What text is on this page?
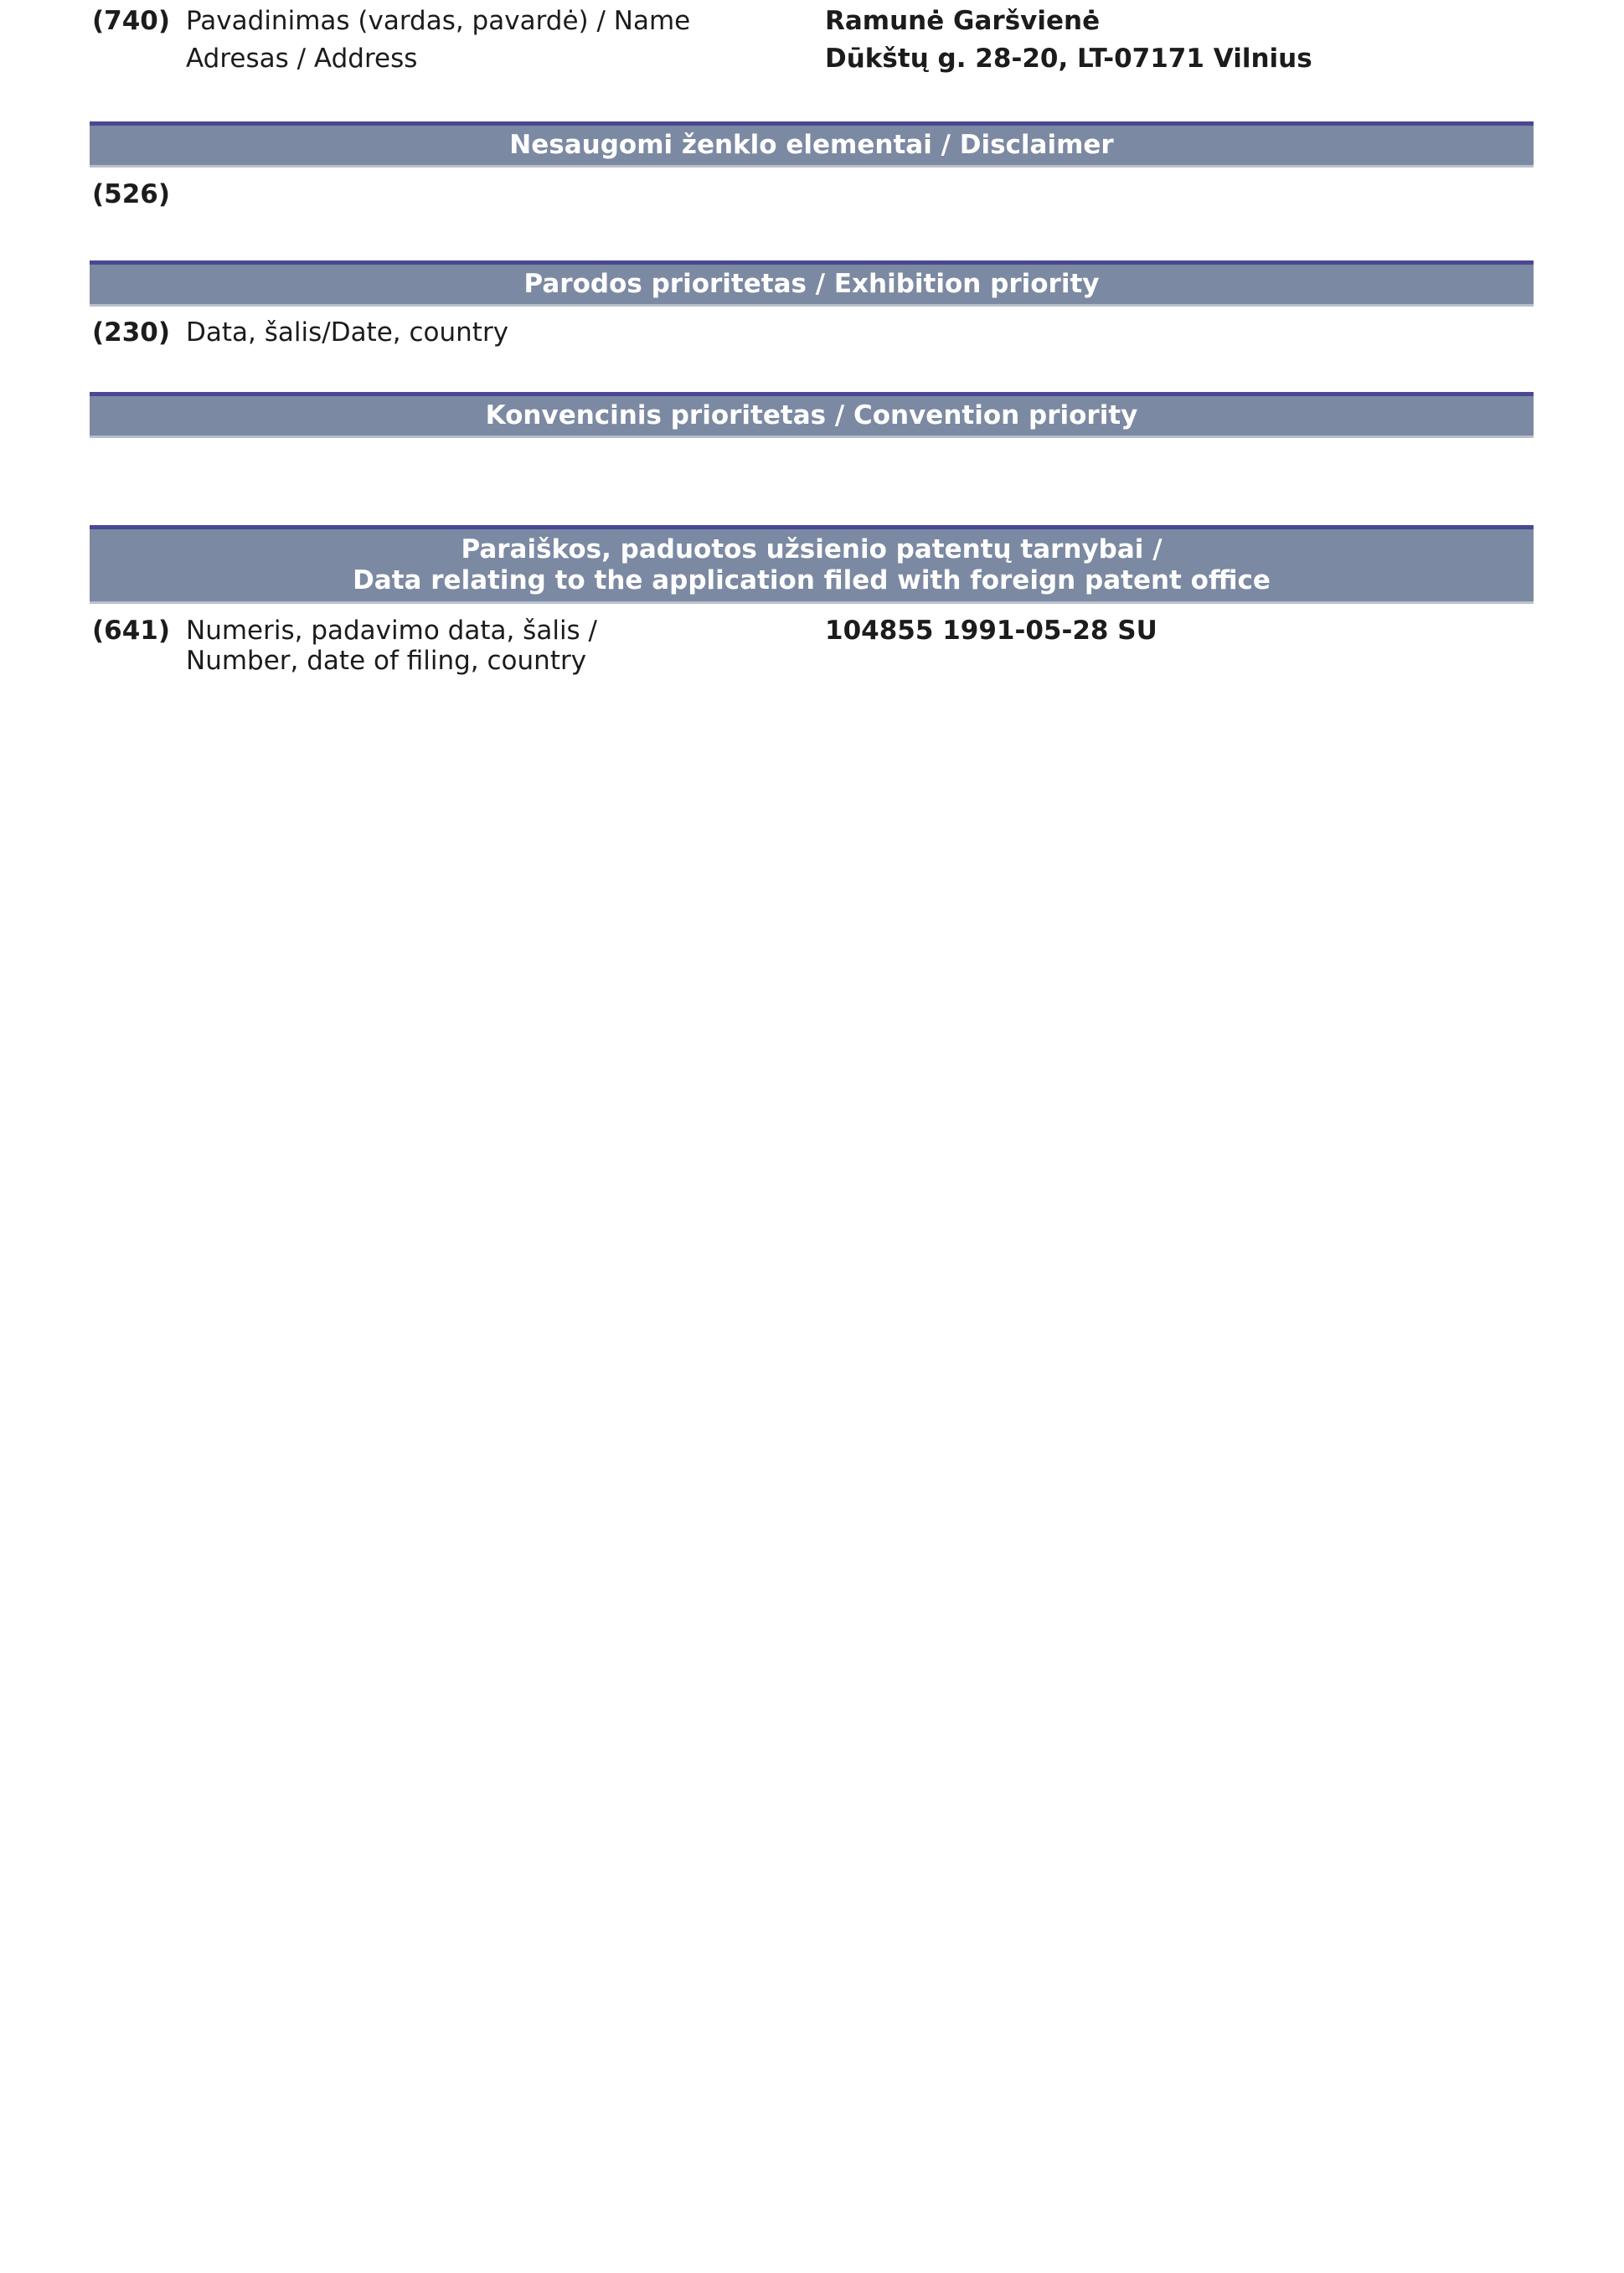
(740) Pavadinimas (vardas, pavardė) / Name	Ramunė Garšvienė
Adresas / Address	Dūkštų g. 28-20, LT-07171 Vilnius
Nesaugomi ženklo elementai / Disclaimer
(526)
Parodos prioritetas / Exhibition priority
(230) Data, šalis/Date, country
Konvencinis prioritetas / Convention priority
Paraiškos, paduotos užsienio patentų tarnybai /
Data relating to the application filed with foreign patent office
(641) Numeris, padavimo data, šalis /	104855 1991-05-28 SU
Number, date of filing, country
